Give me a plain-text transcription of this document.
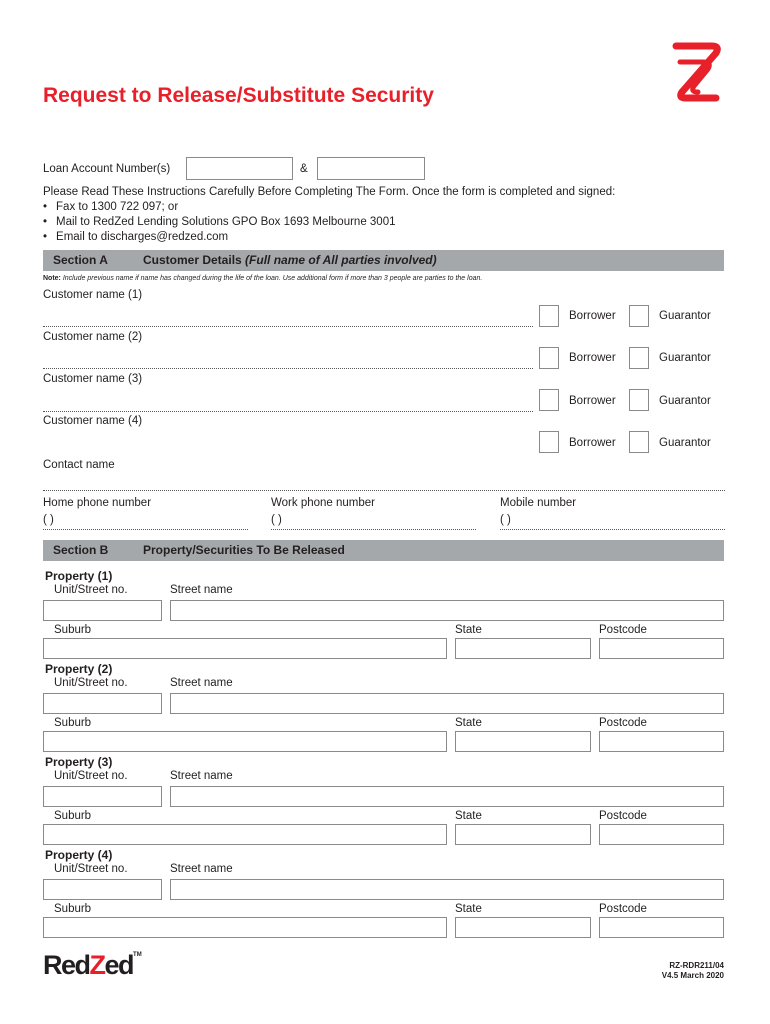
Request to Release/Substitute Security
Loan Account Number(s)	&
Please Read These Instructions Carefully Before Completing The Form. Once the form is completed and signed:
• Fax to 1300 722 097; or
• Mail to RedZed Lending Solutions GPO Box 1693 Melbourne 3001
• Email to discharges@redzed.com
Section A	Customer Details (Full name of All parties involved)
Note: Include previous name if name has changed during the life of the loan. Use additional form if more than 3 people are parties to the loan.
Customer name (1)
Borrower	Guarantor
Customer name (2)
Borrower	Guarantor
Customer name (3)
Borrower	Guarantor
Customer name (4)
Borrower	Guarantor
Contact name
Home phone number
( )
Work phone number
( )
Mobile number
( )
Section B	Property/Securities To Be Released
Property (1)
Unit/Street no.	Street name
Suburb	State	Postcode
Property (2)
Unit/Street no.	Street name
Suburb	State	Postcode
Property (3)
Unit/Street no.	Street name
Suburb	State	Postcode
Property (4)
Unit/Street no.	Street name
Suburb	State	Postcode
RedZed™
RZ-RDR211/04
V4.5 March 2020
